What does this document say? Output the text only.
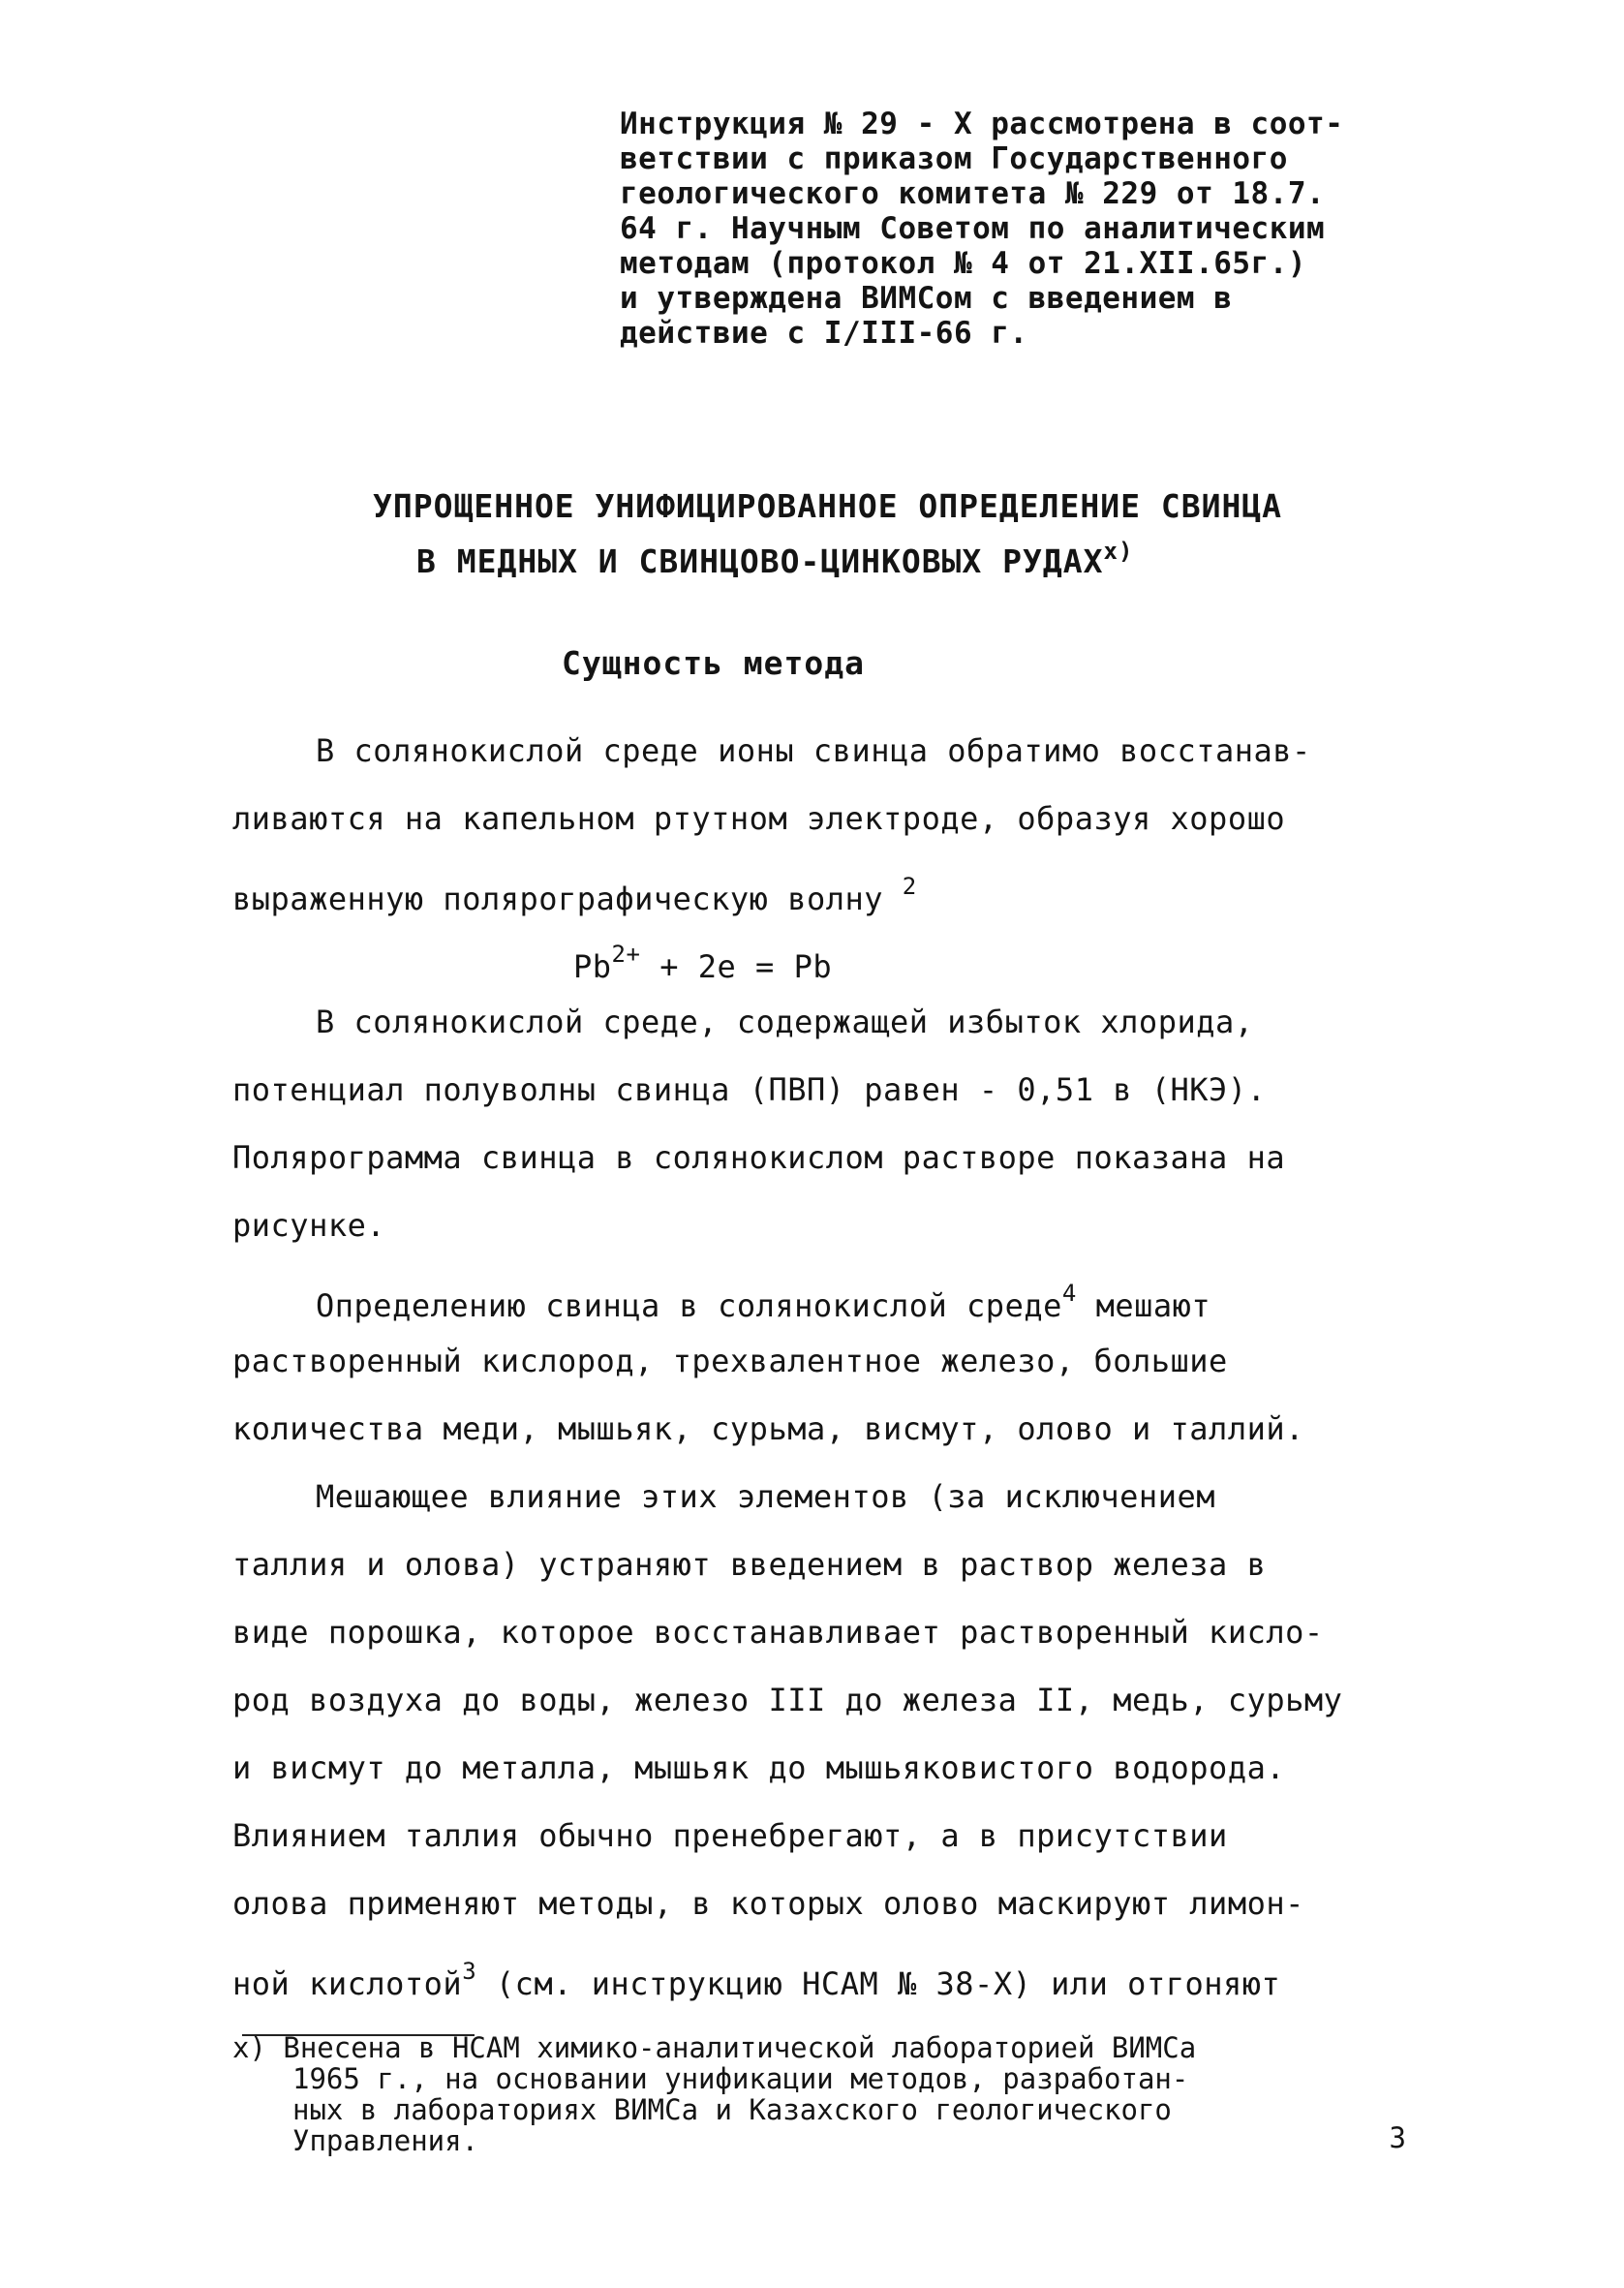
Инструкция № 29 - X рассмотрена в соот-
ветствии с приказом Государственного
геологического комитета № 229 от 18.7.
64 г. Научным Советом по аналитическим
методам (протокол № 4 от 21.XII.65г.)
и утверждена ВИМСом с введением в
действие с I/III-66 г.
УПРОЩЕННОЕ УНИФИЦИРОВАННОЕ ОПРЕДЕЛЕНИЕ СВИНЦА
В МЕДНЫХ И СВИНЦОВО-ЦИНКОВЫХ $РУДАХ^{х)}$
Сущность метода
В солянокислой среде ионы свинца обратимо восстанав-
ливаются на капельном ртутном электроде, образуя хорошо
выраженную полярографическую волну $^2$
$Pb^{2+} + 2e = Pb$
В солянокислой среде, содержащей избыток хлорида,
потенциал полуволны свинца (ПВП) равен - 0,51 в (НКЭ).
Полярограмма свинца в солянокислом растворе показана на
рисунке.
Определению свинца в солянокислой среде$^4$ мешают
растворенный кислород, трехвалентное железо, большие
количества меди, мышьяк, сурьма, висмут, олово и таллий.
Мешающее влияние этих элементов (за исключением
таллия и олова) устраняют введением в раствор железа в
виде порошка, которое восстанавливает растворенный кисло-
род воздуха до воды, железо III до железа II, медь, сурьму
и висмут до металла, мышьяк до мышьяковистого водорода.
Влиянием таллия обычно пренебрегают, а в присутствии
олова применяют методы, в которых олово маскируют лимон-
ной кислотой$^3$ (см. инструкцию НСАМ № 38-Х) или отгоняют
х) Внесена в НСАМ химико-аналитической лабораторией ВИМСа
1965 г., на основании унификации методов, разработан-
ных в лабораториях ВИМСа и Казахского геологического
Управления.	3
